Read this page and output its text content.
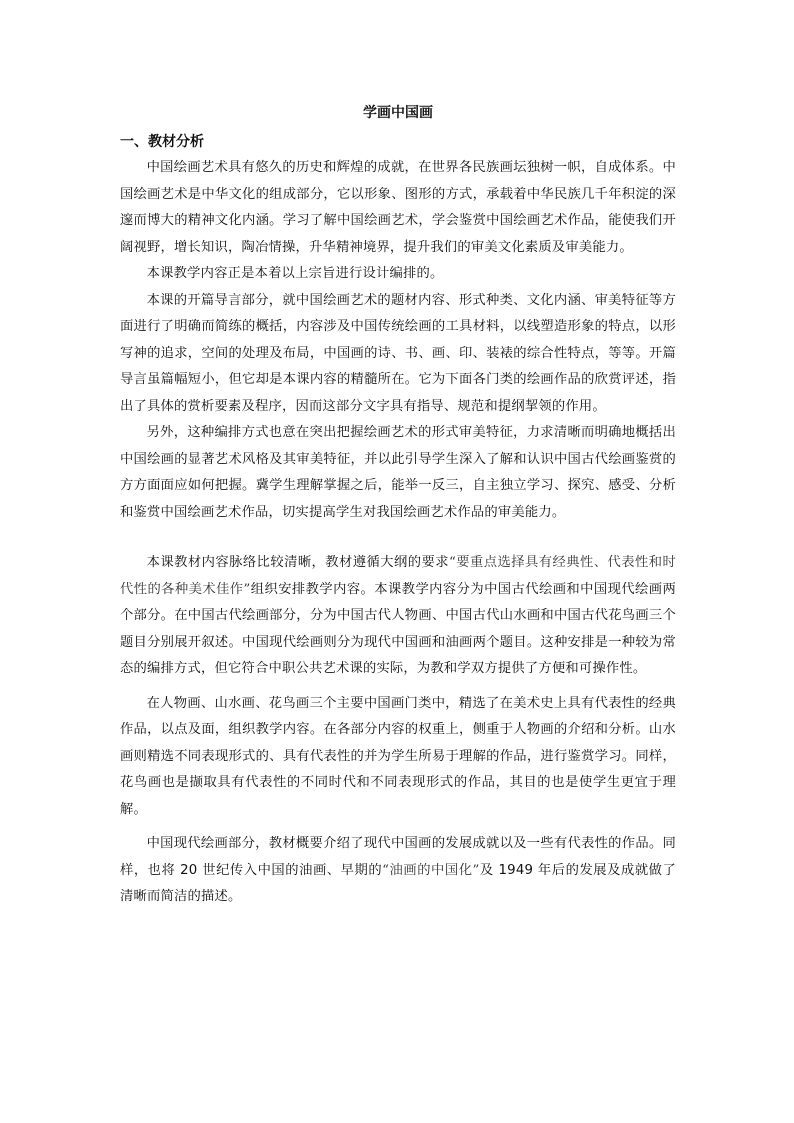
学画中国画
一、教材分析

中国绘画艺术具有悠久的历史和辉煌的成就，在世界各民族画坛独树一帜，自成体系。中国绘画艺术是中华文化的组成部分，它以形象、图形的方式，承载着中华民族几千年积淀的深邃而博大的精神文化内涵。学习了解中国绘画艺术，学会鉴赏中国绘画艺术作品，能使我们开阔视野，增长知识，陶冶情操，升华精神境界，提升我们的审美文化素质及审美能力。

本课教学内容正是本着以上宗旨进行设计编排的。

本课的开篇导言部分，就中国绘画艺术的题材内容、形式种类、文化内涵、审美特征等方面进行了明确而简练的概括，内容涉及中国传统绘画的工具材料，以线塑造形象的特点，以形写神的追求，空间的处理及布局，中国画的诗、书、画、印、装裱的综合性特点，等等。开篇导言虽篇幅短小，但它却是本课内容的精髓所在。它为下面各门类的绘画作品的欣赏评述，指出了具体的赏析要素及程序，因而这部分文字具有指导、规范和提纲挈领的作用。

另外，这种编排方式也意在突出把握绘画艺术的形式审美特征，力求清晰而明确地概括出中国绘画的显著艺术风格及其审美特征，并以此引导学生深入了解和认识中国古代绘画鉴赏的方方面面应如何把握。冀学生理解掌握之后，能举一反三，自主独立学习、探究、感受、分析和鉴赏中国绘画艺术作品，切实提高学生对我国绘画艺术作品的审美能力。

本课教材内容脉络比较清晰，教材遵循大纲的要求“要重点选择具有经典性、代表性和时代性的各种美术佳作”组织安排教学内容。本课教学内容分为中国古代绘画和中国现代绘画两个部分。在中国古代绘画部分，分为中国古代人物画、中国古代山水画和中国古代花鸟画三个题目分别展开叙述。中国现代绘画则分为现代中国画和油画两个题目。这种安排是一种较为常态的编排方式，但它符合中职公共艺术课的实际，为教和学双方提供了方便和可操作性。

在人物画、山水画、花鸟画三个主要中国画门类中，精选了在美术史上具有代表性的经典作品，以点及面，组织教学内容。在各部分内容的权重上，侧重于人物画的介绍和分析。山水画则精选不同表现形式的、具有代表性的并为学生所易于理解的作品，进行鉴赏学习。同样，花鸟画也是撷取具有代表性的不同时代和不同表现形式的作品，其目的也是使学生更宜于理解。

中国现代绘画部分，教材概要介绍了现代中国画的发展成就以及一些有代表性的作品。同样，也将 20 世纪传入中国的油画、早期的“油画的中国化”及 1949 年后的发展及成就做了清晰而简洁的描述。
